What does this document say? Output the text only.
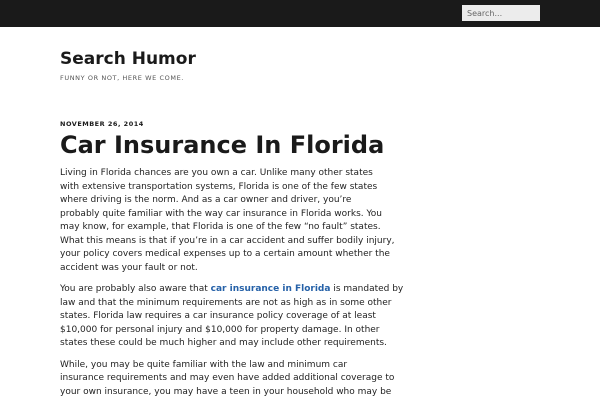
Search...
Search Humor

FUNNY OR NOT, HERE WE COME.

NOVEMBER 26, 2014
Car Insurance In Florida

Living in Florida chances are you own a car. Unlike many other states
with extensive transportation systems, Florida is one of the few states
where driving is the norm. And as a car owner and driver, you’re
probably quite familiar with the way car insurance in Florida works. You
may know, for example, that Florida is one of the few “no fault” states.
What this means is that if you’re in a car accident and suffer bodily injury,
your policy covers medical expenses up to a certain amount whether the
accident was your fault or not.

You are probably also aware that car insurance in Florida is mandated by
law and that the minimum requirements are not as high as in some other
states. Florida law requires a car insurance policy coverage of at least
$10,000 for personal injury and $10,000 for property damage. In other
states these could be much higher and may include other requirements.

While, you may be quite familiar with the law and minimum car
insurance requirements and may even have added additional coverage to
your own insurance, you may have a teen in your household who may be
